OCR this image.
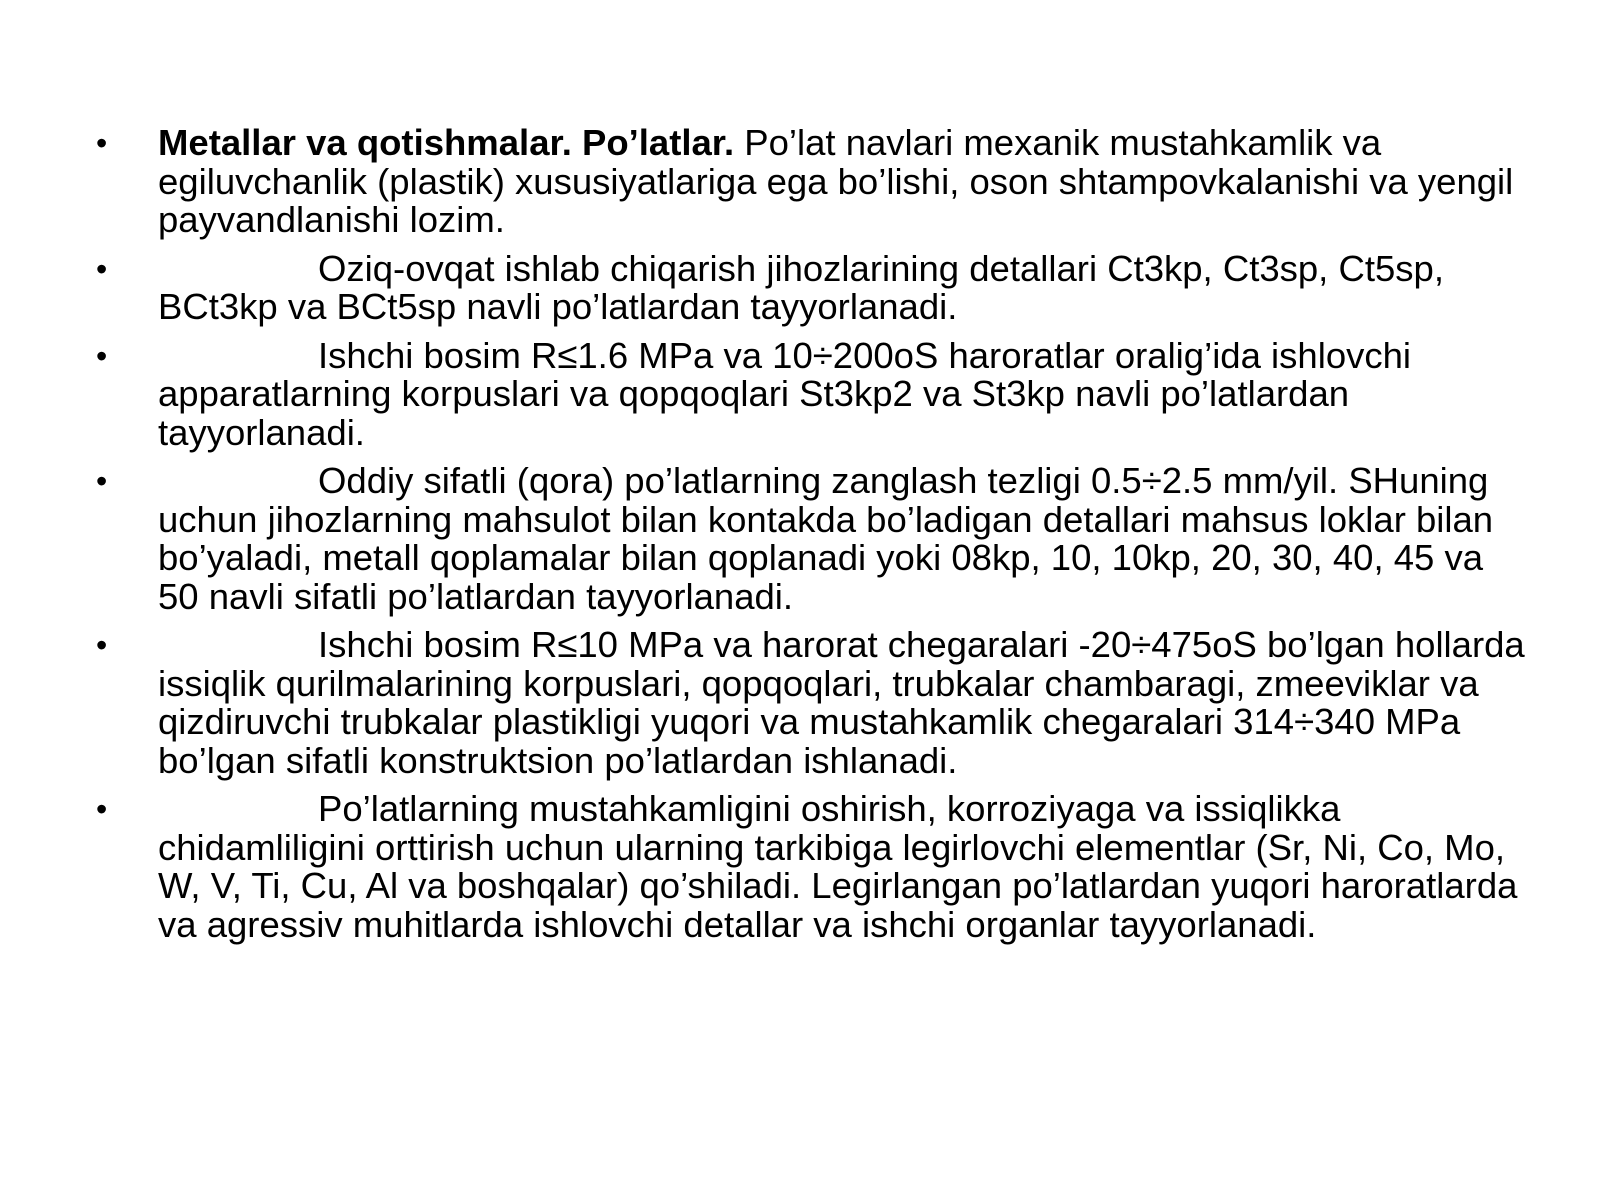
• Metallar va qotishmalar. Po’latlar. Po’lat navlari mexanik mustahkamlik va egiluvchanlik (plastik) xususiyatlariga ega bo’lishi, oson shtampovkalanishi va yengil payvandlanishi lozim.
•	Oziq-ovqat ishlab chiqarish jihozlarining detallari Ct3kp, Ct3sp, Ct5sp, BCt3kp va BCt5sp navli po’latlardan tayyorlanadi.
•	Ishchi bosim R≤1.6 MPa va 10÷200oS haroratlar oralig’ida ishlovchi apparatlarning korpuslari va qopqoqlari St3kp2 va St3kp navli po’latlardan tayyorlanadi.
•	Oddiy sifatli (qora) po’latlarning zanglash tezligi 0.5÷2.5 mm/yil. SHuning uchun jihozlarning mahsulot bilan kontakda bo’ladigan detallari mahsus loklar bilan bo’yaladi, metall qoplamalar bilan qoplanadi yoki 08kp, 10, 10kp, 20, 30, 40, 45 va 50 navli sifatli po’latlardan tayyorlanadi.
•	Ishchi bosim R≤10 MPa va harorat chegaralari -20÷475oS bo’lgan hollarda issiqlik qurilmalarining korpuslari, qopqoqlari, trubkalar chambaragi, zmeeviklar va qizdiruvchi trubkalar plastikligi yuqori va mustahkamlik chegaralari 314÷340 MPa bo’lgan sifatli konstruktsion po’latlardan ishlanadi.
•	Po’latlarning mustahkamligini oshirish, korroziyaga va issiqlikka chidamliligini orttirish uchun ularning tarkibiga legirlovchi elementlar (Sr, Ni, Co, Mo, W, V, Ti, Cu, Al va boshqalar) qo’shiladi. Legirlangan po’latlardan yuqori haroratlarda va agressiv muhitlarda ishlovchi detallar va ishchi organlar tayyorlanadi.
